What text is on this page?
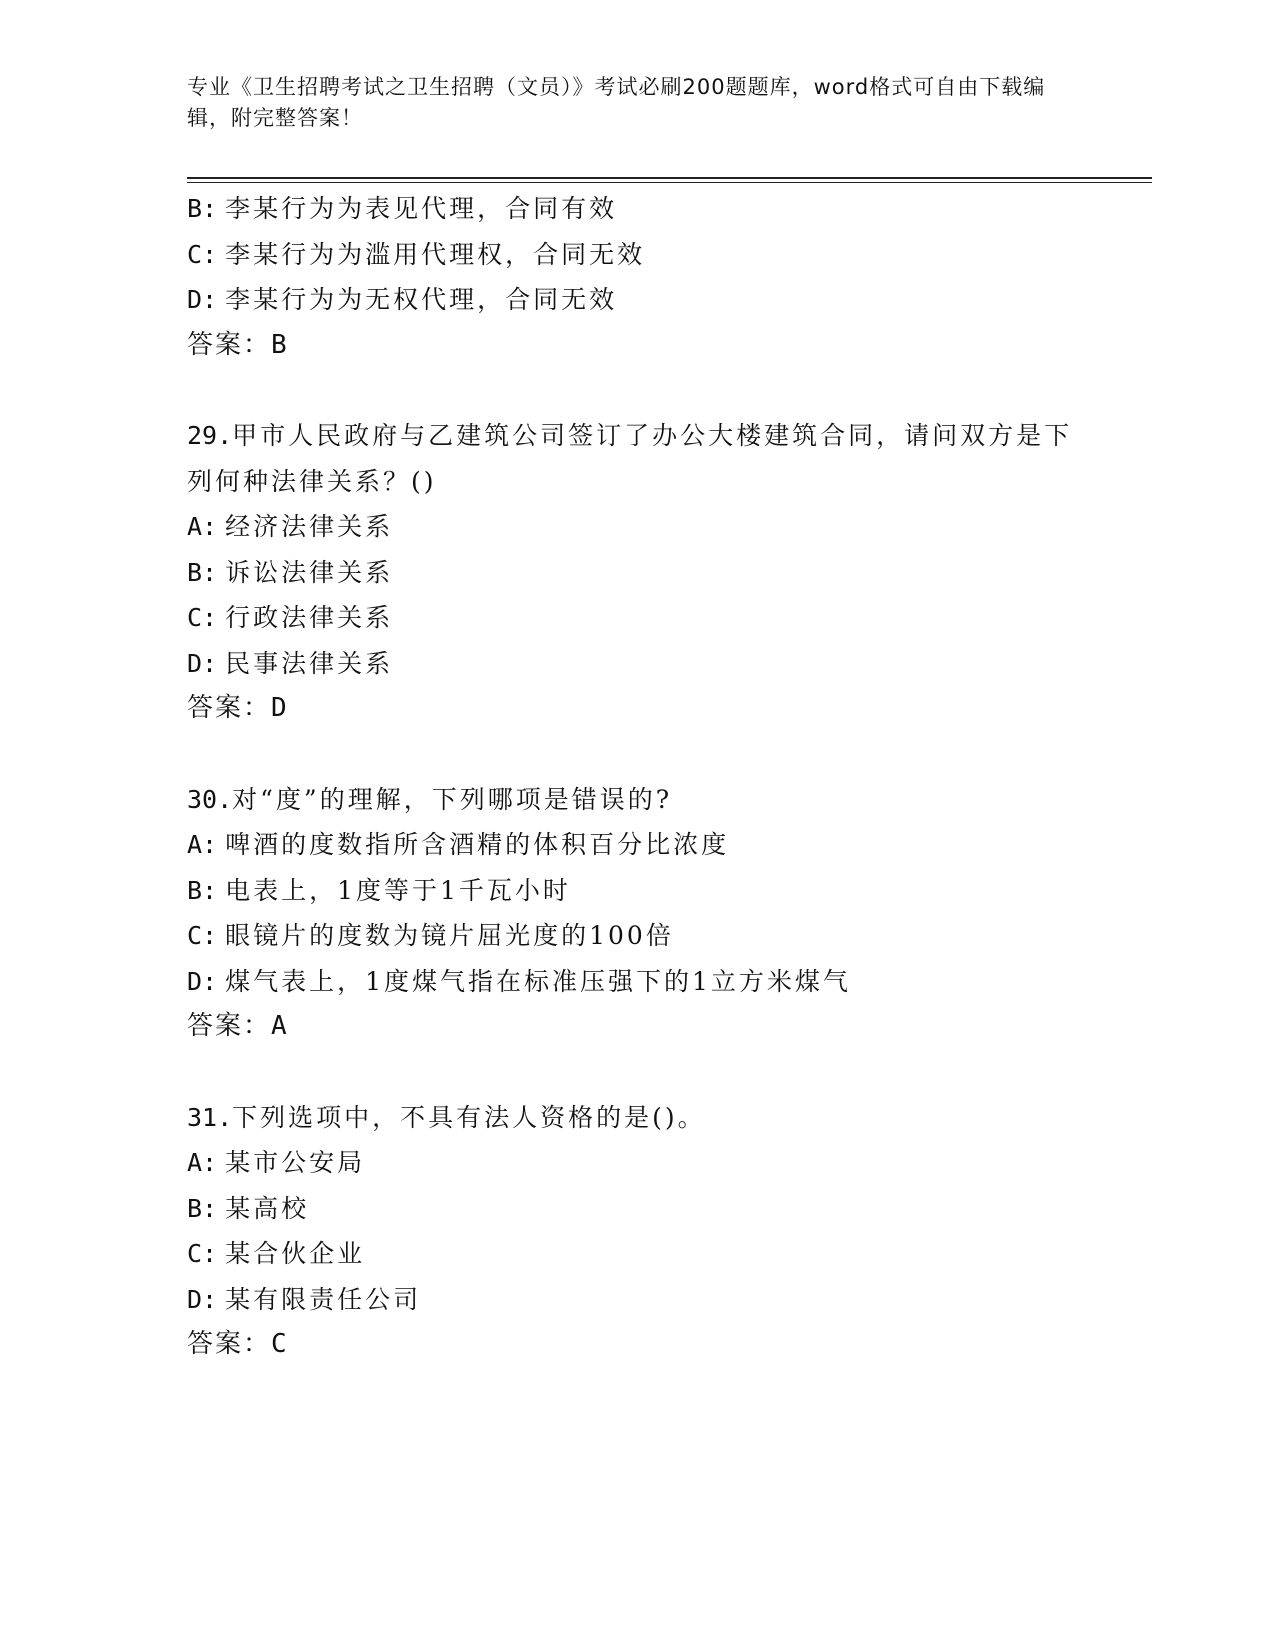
专业《卫生招聘考试之卫生招聘（文员）》考试必刷200题题库，word格式可自由下载编辑，附完整答案！
B: 李某行为为表见代理，合同有效
C: 李某行为为滥用代理权，合同无效
D: 李某行为为无权代理，合同无效
答案：B
29.甲市人民政府与乙建筑公司签订了办公大楼建筑合同，请问双方是下列何种法律关系？()
A: 经济法律关系
B: 诉讼法律关系
C: 行政法律关系
D: 民事法律关系
答案：D
30.对“度”的理解，下列哪项是错误的?
A: 啤酒的度数指所含酒精的体积百分比浓度
B: 电表上，1度等于1千瓦小时
C: 眼镜片的度数为镜片屈光度的100倍
D: 煤气表上，1度煤气指在标准压强下的1立方米煤气
答案：A
31.下列选项中，不具有法人资格的是()。
A: 某市公安局
B: 某高校
C: 某合伙企业
D: 某有限责任公司
答案：C
